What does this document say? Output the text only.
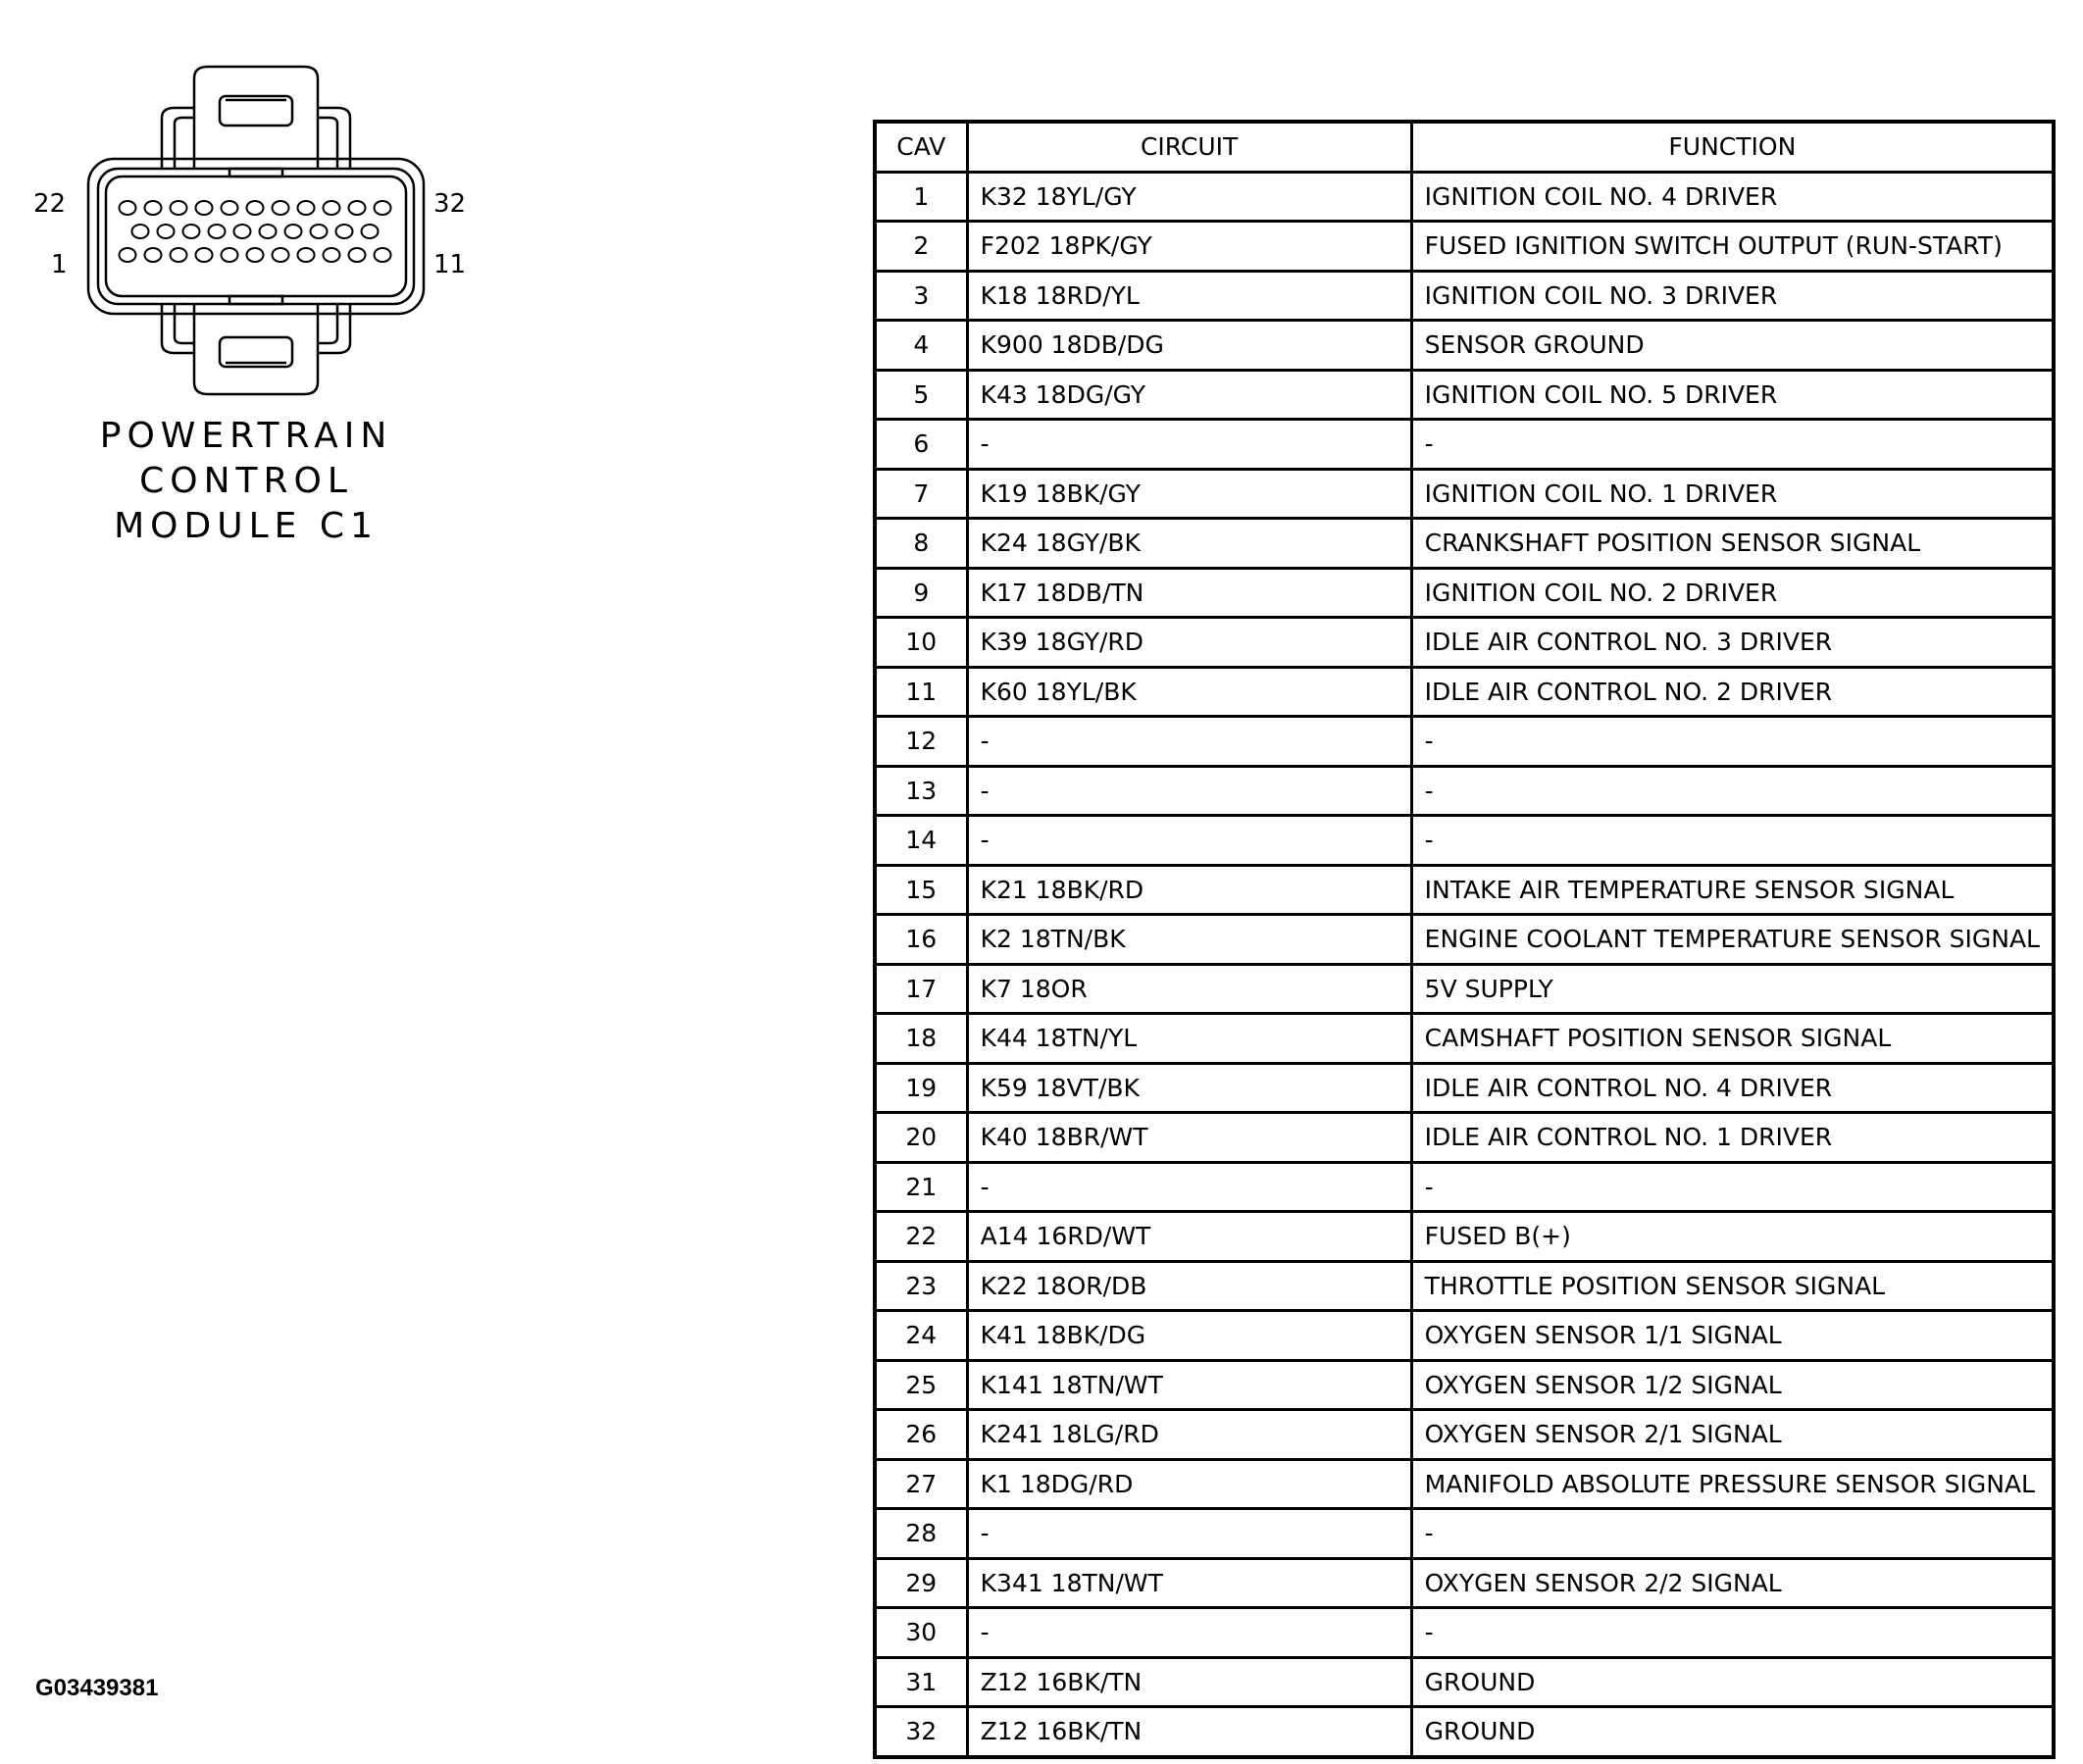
22	32
1	11
POWERTRAIN
CONTROL
MODULE C1
CAV	CIRCUIT	FUNCTION
1	K32 18YL/GY	IGNITION COIL NO. 4 DRIVER
2	F202 18PK/GY	FUSED IGNITION SWITCH OUTPUT (RUN-START)
3	K18 18RD/YL	IGNITION COIL NO. 3 DRIVER
4	K900 18DB/DG	SENSOR GROUND
5	K43 18DG/GY	IGNITION COIL NO. 5 DRIVER
6	-	-
7	K19 18BK/GY	IGNITION COIL NO. 1 DRIVER
8	K24 18GY/BK	CRANKSHAFT POSITION SENSOR SIGNAL
9	K17 18DB/TN	IGNITION COIL NO. 2 DRIVER
10	K39 18GY/RD	IDLE AIR CONTROL NO. 3 DRIVER
11	K60 18YL/BK	IDLE AIR CONTROL NO. 2 DRIVER
12	-	-
13	-	-
14	-	-
15	K21 18BK/RD	INTAKE AIR TEMPERATURE SENSOR SIGNAL
16	K2 18TN/BK	ENGINE COOLANT TEMPERATURE SENSOR SIGNAL
17	K7 18OR	5V SUPPLY
18	K44 18TN/YL	CAMSHAFT POSITION SENSOR SIGNAL
19	K59 18VT/BK	IDLE AIR CONTROL NO. 4 DRIVER
20	K40 18BR/WT	IDLE AIR CONTROL NO. 1 DRIVER
21	-	-
22	A14 16RD/WT	FUSED B(+)
23	K22 18OR/DB	THROTTLE POSITION SENSOR SIGNAL
24	K41 18BK/DG	OXYGEN SENSOR 1/1 SIGNAL
25	K141 18TN/WT	OXYGEN SENSOR 1/2 SIGNAL
26	K241 18LG/RD	OXYGEN SENSOR 2/1 SIGNAL
27	K1 18DG/RD	MANIFOLD ABSOLUTE PRESSURE SENSOR SIGNAL
28	-	-
29	K341 18TN/WT	OXYGEN SENSOR 2/2 SIGNAL
30	-	-
31	Z12 16BK/TN	GROUND
32	Z12 16BK/TN	GROUND
G03439381
